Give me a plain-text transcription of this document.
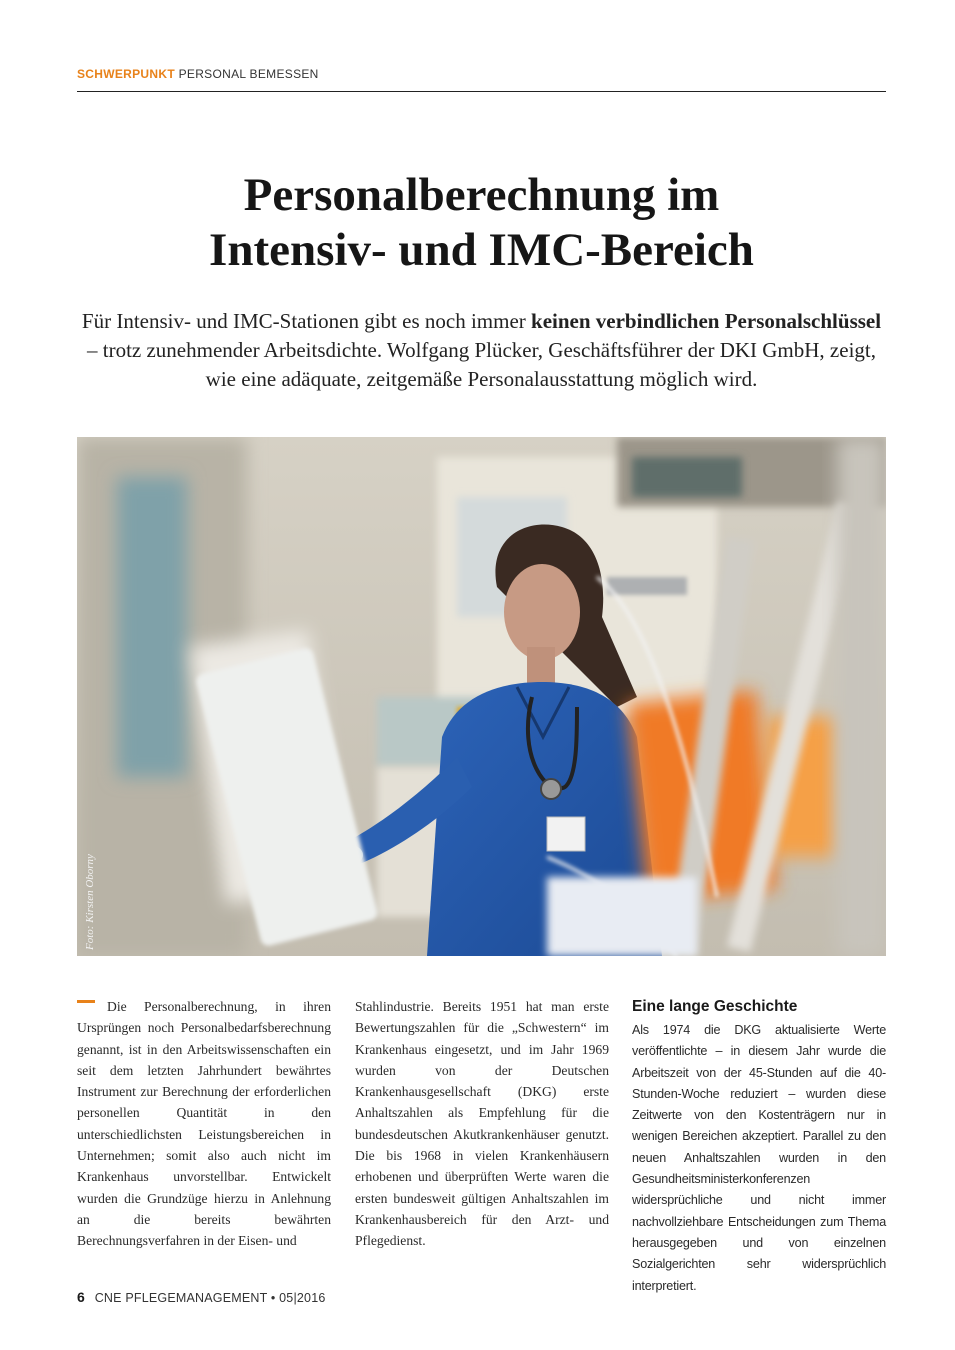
SCHWERPUNKT PERSONAL BEMESSEN
Personalberechnung im
Intensiv- und IMC-Bereich

Für Intensiv- und IMC-Stationen gibt es noch immer keinen verbindlichen Personalschlüssel – trotz zunehmender Arbeitsdichte. Wolfgang Plücker, Geschäftsführer der DKI GmbH, zeigt, wie eine adäquate, zeitgemäße Personalausstattung möglich wird.

Foto: Kirsten Oborny

Die Personalberechnung, in ihren Ursprüngen noch Personalbedarfsberechnung genannt, ist in den Arbeitswissenschaften ein seit dem letzten Jahrhundert bewährtes Instrument zur Berechnung der erforderlichen personellen Quantität in den unterschiedlichsten Leistungsbereichen in Unternehmen; somit also auch nicht im Krankenhaus unvorstellbar. Entwickelt wurden die Grundzüge hierzu in Anlehnung an die bereits bewährten Berechnungsverfahren in der Eisen- und

Stahlindustrie. Bereits 1951 hat man erste Bewertungszahlen für die „Schwestern“ im Krankenhaus eingesetzt, und im Jahr 1969 wurden von der Deutschen Krankenhausgesellschaft (DKG) erste Anhaltszahlen als Empfehlung für die bundesdeutschen Akutkrankenhäuser genutzt. Die bis 1968 in vielen Krankenhäusern erhobenen und überprüften Werte waren die ersten bundesweit gültigen Anhaltszahlen im Krankenhausbereich für den Arzt- und Pflegedienst.

Eine lange Geschichte

Als 1974 die DKG aktualisierte Werte veröffentlichte – in diesem Jahr wurde die Arbeitszeit von der 45-Stunden auf die 40-Stunden-Woche reduziert – wurden diese Zeitwerte von den Kostenträgern nur in wenigen Bereichen akzeptiert. Parallel zu den neuen Anhaltszahlen wurden in den Gesundheitsministerkonferenzen widersprüchliche und nicht immer nachvollziehbare Entscheidungen zum Thema herausgegeben und von einzelnen Sozialgerichten sehr widersprüchlich interpretiert.

6 CNE PFLEGEMANAGEMENT • 05|2016
